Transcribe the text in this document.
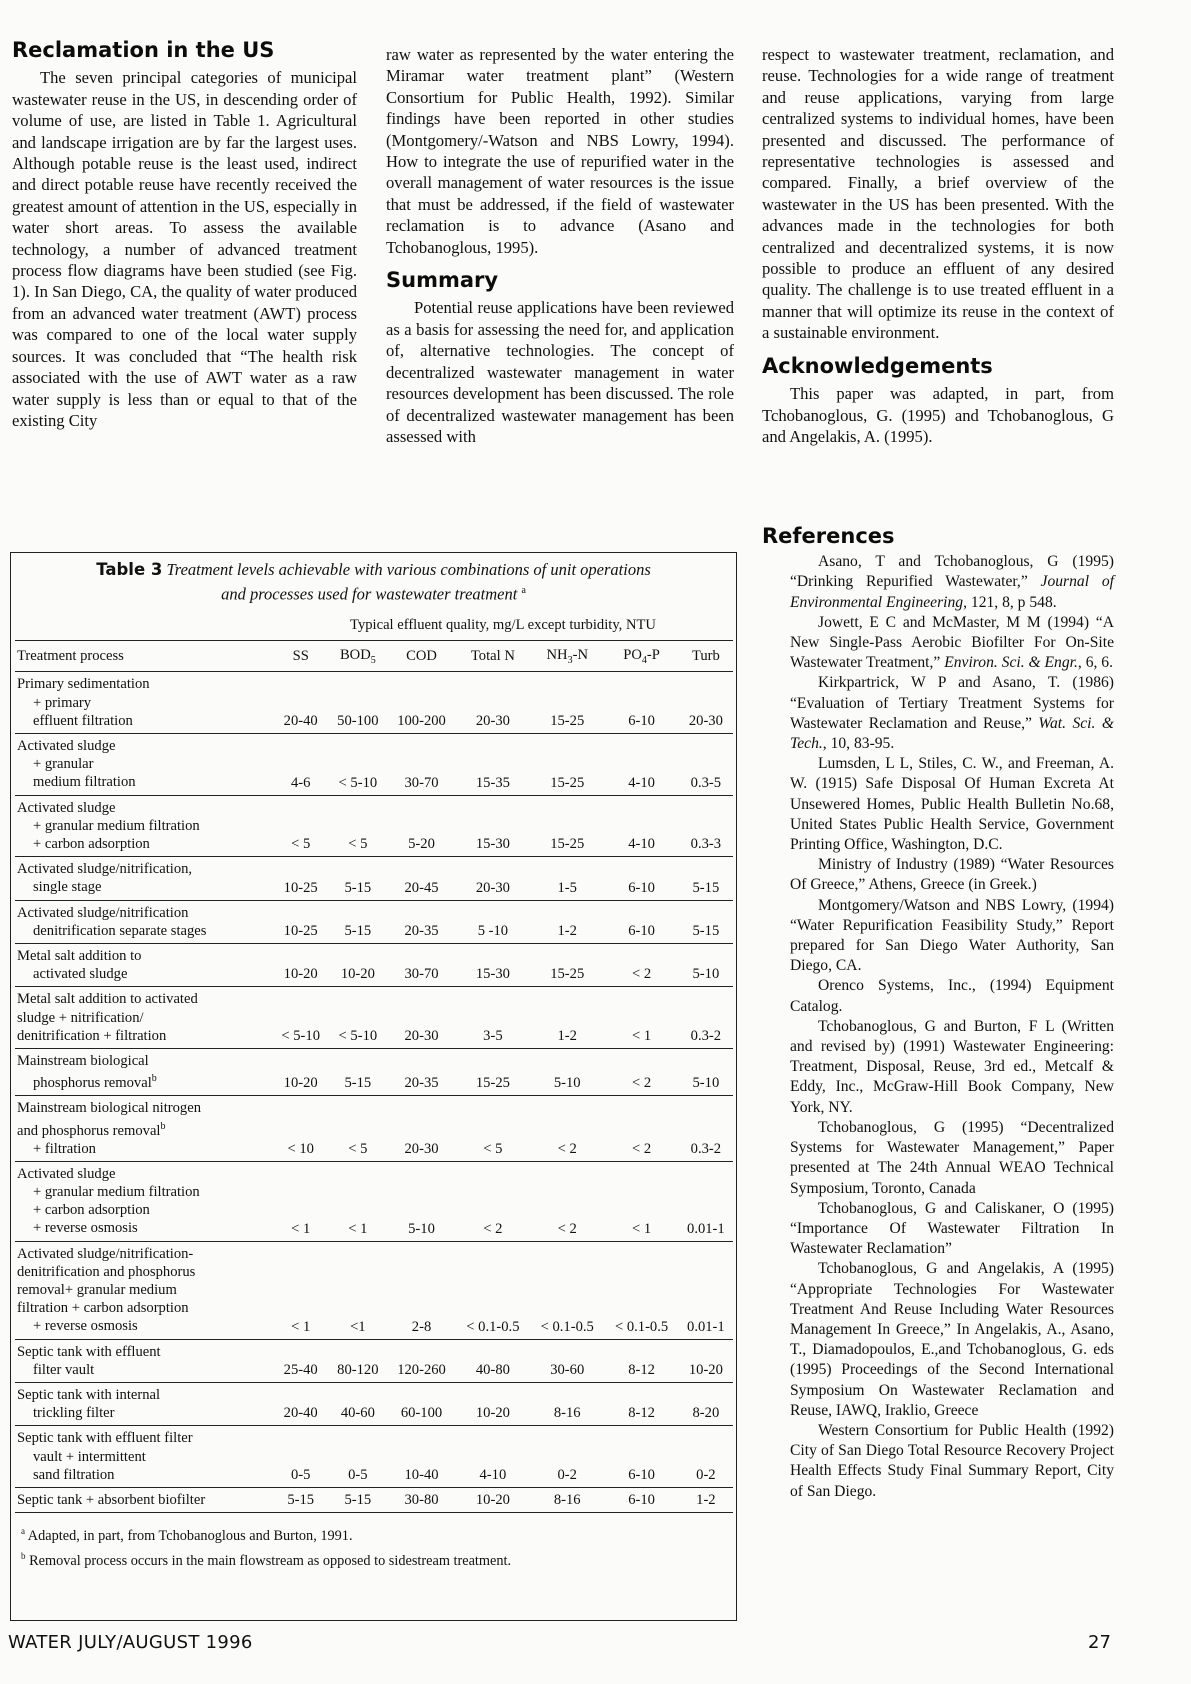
Reclamation in the US

The seven principal categories of municipal wastewater reuse in the US, in descending order of volume of use, are listed in Table 1. Agricultural and landscape irrigation are by far the largest uses. Although potable reuse is the least used, indirect and direct potable reuse have recently received the greatest amount of attention in the US, especially in water short areas. To assess the available technology, a number of advanced treatment process flow diagrams have been studied (see Fig. 1). In San Diego, CA, the quality of water produced from an advanced water treatment (AWT) process was compared to one of the local water supply sources. It was concluded that “The health risk associated with the use of AWT water as a raw water supply is less than or equal to that of the existing City

raw water as represented by the water entering the Miramar water treatment plant” (Western Consortium for Public Health, 1992). Similar findings have been reported in other studies (Montgomery/-Watson and NBS Lowry, 1994). How to integrate the use of repurified water in the overall management of water resources is the issue that must be addressed, if the field of wastewater reclamation is to advance (Asano and Tchobanoglous, 1995).

Summary

Potential reuse applications have been reviewed as a basis for assessing the need for, and application of, alternative technologies. The concept of decentralized wastewater management in water resources development has been discussed. The role of decentralized wastewater management has been assessed with

respect to wastewater treatment, reclamation, and reuse. Technologies for a wide range of treatment and reuse applications, varying from large centralized systems to individual homes, have been presented and discussed. The performance of representative technologies is assessed and compared. Finally, a brief overview of the wastewater in the US has been presented. With the advances made in the technologies for both centralized and decentralized systems, it is now possible to produce an effluent of any desired quality. The challenge is to use treated effluent in a manner that will optimize its reuse in the context of a sustainable environment.

Acknowledgements

This paper was adapted, in part, from Tchobanoglous, G. (1995) and Tchobanoglous, G and Angelakis, A. (1995).

References

Asano, T and Tchobanoglous, G (1995) “Drinking Repurified Wastewater,” Journal of Environmental Engineering, 121, 8, p 548.

Jowett, E C and McMaster, M M (1994) “A New Single-Pass Aerobic Biofilter For On-Site Wastewater Treatment,” Environ. Sci. & Engr., 6, 6.

Kirkpartrick, W P and Asano, T. (1986) “Evaluation of Tertiary Treatment Systems for Wastewater Reclamation and Reuse,” Wat. Sci. & Tech., 10, 83-95.

Lumsden, L L, Stiles, C. W., and Freeman, A. W. (1915) Safe Disposal Of Human Excreta At Unsewered Homes, Public Health Bulletin No.68, United States Public Health Service, Government Printing Office, Washington, D.C.

Ministry of Industry (1989) “Water Resources Of Greece,” Athens, Greece (in Greek.)

Montgomery/Watson and NBS Lowry, (1994) “Water Repurification Feasibility Study,” Report prepared for San Diego Water Authority, San Diego, CA.

Orenco Systems, Inc., (1994) Equipment Catalog.

Tchobanoglous, G and Burton, F L (Written and revised by) (1991) Wastewater Engineering: Treatment, Disposal, Reuse, 3rd ed., Metcalf & Eddy, Inc., McGraw-Hill Book Company, New York, NY.

Tchobanoglous, G (1995) “Decentralized Systems for Wastewater Management,” Paper presented at The 24th Annual WEAO Technical Symposium, Toronto, Canada

Tchobanoglous, G and Caliskaner, O (1995) “Importance Of Wastewater Filtration In Wastewater Reclamation”

Tchobanoglous, G and Angelakis, A (1995) “Appropriate Technologies For Wastewater Treatment And Reuse Including Water Resources Management In Greece,” In Angelakis, A., Asano, T., Diamadopoulos, E.,and Tchobanoglous, G. eds (1995) Proceedings of the Second International Symposium On Wastewater Reclamation and Reuse, IAWQ, Iraklio, Greece

Western Consortium for Public Health (1992) City of San Diego Total Resource Recovery Project Health Effects Study Final Summary Report, City of San Diego.

Table 3 Treatment levels achievable with various combinations of unit operations
and processes used for wastewater treatment $^a$
	Typical effluent quality, mg/L except turbidity, NTU						
Treatment process	SS	$BOD_5$	COD	Total N	$NH_3-N$	$PO_4-P$	Turb

Primary sedimentation
+ primary
effluent filtration	20-40	50-100	100-200	20-30	15-25	6-10	20-30

Activated sludge
+ granular
medium filtration	4-6	< 5-10	30-70	15-35	15-25	4-10	0.3-5

Activated sludge
+ granular medium filtration
+ carbon adsorption	< 5	< 5	5-20	15-30	15-25	4-10	0.3-3

Activated sludge/nitrification,
single stage	10-25	5-15	20-45	20-30	1-5	6-10	5-15

Activated sludge/nitrification
denitrification separate stages	10-25	5-15	20-35	5 -10	1-2	6-10	5-15

Metal salt addition to
activated sludge	10-20	10-20	30-70	15-30	15-25	< 2	5-10

Metal salt addition to activated
sludge + nitrification/
denitrification + filtration	< 5-10	< 5-10	20-30	3-5	1-2	< 1	0.3-2

Mainstream biological
phosphorus removal$^b$	10-20	5-15	20-35	15-25	5-10	< 2	5-10

Mainstream biological nitrogen
and phosphorus removal$^b$
+ filtration	< 10	< 5	20-30	< 5	< 2	< 2	0.3-2

Activated sludge
+ granular medium filtration
+ carbon adsorption
+ reverse osmosis	< 1	< 1	5-10	< 2	< 2	< 1	0.01-1

Activated sludge/nitrification-
denitrification and phosphorus
removal+ granular medium
filtration + carbon adsorption
+ reverse osmosis	< 1	<1	2-8	< 0.1-0.5	< 0.1-0.5	< 0.1-0.5	0.01-1

Septic tank with effluent
filter vault	25-40	80-120	120-260	40-80	30-60	8-12	10-20

Septic tank with internal
trickling filter	20-40	40-60	60-100	10-20	8-16	8-12	8-20

Septic tank with effluent filter
vault + intermittent
sand filtration	0-5	0-5	10-40	4-10	0-2	6-10	0-2

Septic tank + absorbent biofilter	5-15	5-15	30-80	10-20	8-16	6-10	1-2

$^a$ Adapted, in part, from Tchobanoglous and Burton, 1991.
$^b$ Removal process occurs in the main flowstream as opposed to sidestream treatment.
WATER JULY/AUGUST 1996	27
